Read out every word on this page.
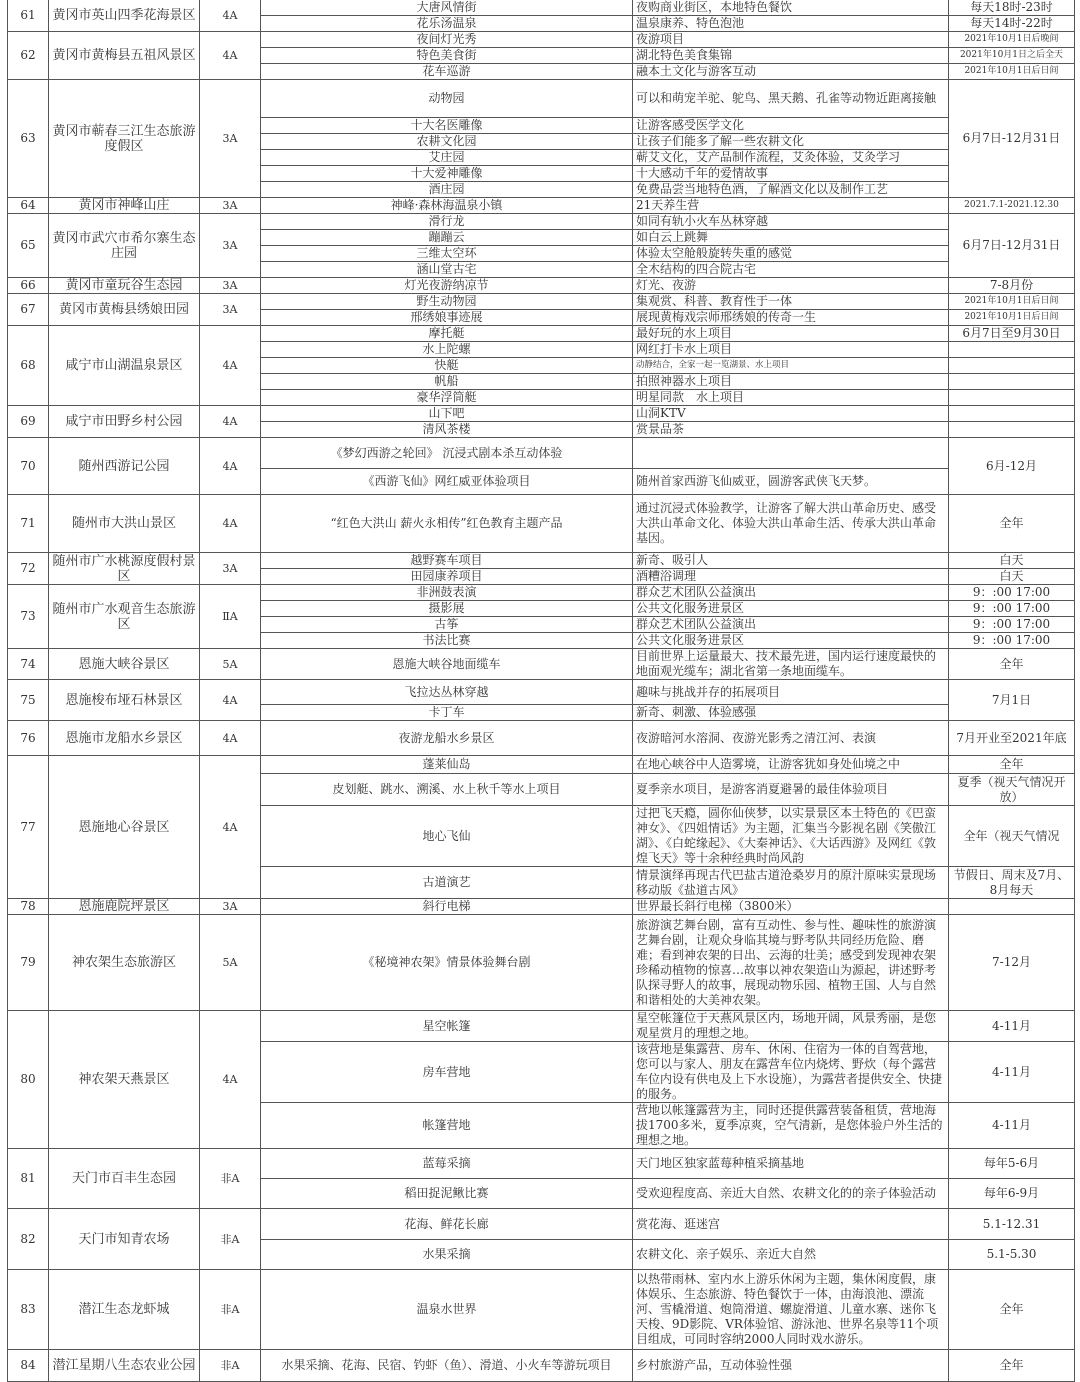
61	黄冈市英山四季花海景区	4A	大唐风情街	夜购商业街区，本地特色餐饮	每天18时-23时
			花乐汤温泉	温泉康养、特色泡池	每天14时-22时
62	黄冈市黄梅县五祖风景区	4A	夜间灯光秀	夜游项目	2021年10月1日后晚间
			特色美食街	湖北特色美食集锦	2021年10月1日之后全天
			花车巡游	融本土文化与游客互动	2021年10月1日后日间
63	黄冈市蕲春三江生态旅游度假区	3A	动物园	可以和萌宠羊驼、鸵鸟、黑天鹅、孔雀等动物近距离接触	6月7日-12月31日
			十大名医雕像	让游客感受医学文化	
			农耕文化园	让孩子们能多了解一些农耕文化	
			艾庄园	蕲艾文化，艾产品制作流程，艾灸体验，艾灸学习	
			十大爱神雕像	十大感动千年的爱情故事	
			酒庄园	免费品尝当地特色酒，了解酒文化以及制作工艺	
64	黄冈市神峰山庄	3A	神峰·森林海温泉小镇	21天养生营	2021.7.1-2021.12.30
65	黄冈市武穴市希尔寨生态庄园	3A	滑行龙	如同有轨小火车丛林穿越	6月7日-12月31日
			蹦蹦云	如白云上跳舞	
			三维太空环	体验太空舱般旋转失重的感觉	
			涵山堂古宅	全木结构的四合院古宅	
66	黄冈市童玩谷生态园	3A	灯光夜游纳凉节	灯光、夜游	7-8月份
67	黄冈市黄梅县绣娘田园	3A	野生动物园	集观赏、科普、教育性于一体	2021年10月1日后日间
			邢绣娘事迹展	展现黄梅戏宗师邢绣娘的传奇一生	2021年10月1日后日间
68	咸宁市山湖温泉景区	4A	摩托艇	最好玩的水上项目	6月7日至9月30日
			水上陀螺	网红打卡水上项目	
			快艇	动静结合，全家一起一览湖景、水上项目	
			帆船	拍照神器水上项目	
			豪华浮筒艇	明星同款　水上项目	
69	咸宁市田野乡村公园	4A	山下吧	山洞KTV	
			清风茶楼	赏景品茶	
70	随州西游记公园	4A	《梦幻西游之轮回》 沉浸式剧本杀互动体验		6月-12月
			《西游飞仙》网红威亚体验项目	随州首家西游飞仙威亚，圆游客武侠飞天梦。	
71	随州市大洪山景区	4A	“红色大洪山 薪火永相传”红色教育主题产品	通过沉浸式体验教学，让游客了解大洪山革命历史、感受大洪山革命文化、体验大洪山革命生活、传承大洪山革命基因。	全年
72	随州市广水桃源度假村景区	3A	越野赛车项目	新奇、吸引人	白天
			田园康养项目	酒糟浴调理	白天
73	随州市广水观音生态旅游区	ⅡA	非洲鼓表演	群众艺术团队公益演出	9：:00 17:00
			摄影展	公共文化服务进景区	9：:00 17:00
			古筝	群众艺术团队公益演出	9：:00 17:00
			书法比赛	公共文化服务进景区	9：:00 17:00
74	恩施大峡谷景区	5A	恩施大峡谷地面缆车	目前世界上运量最大、技术最先进，国内运行速度最快的地面观光缆车；湖北省第一条地面缆车。	全年
75	恩施梭布垭石林景区	4A	飞拉达丛林穿越	趣味与挑战并存的拓展项目	7月1日
			卡丁车	新奇、刺激、体验感强	
76	恩施市龙船水乡景区	4A	夜游龙船水乡景区	夜游暗河水溶洞、夜游光影秀之清江河、表演	7月开业至2021年底
77	恩施地心谷景区	4A	蓬莱仙岛	在地心峡谷中人造雾境，让游客犹如身处仙境之中	全年
			皮划艇、跳水、溯溪、水上秋千等水上项目	夏季亲水项目，是游客消夏避暑的最佳体验项目	夏季（视天气情况开放）
			地心飞仙	过把飞天瘾，圆你仙侠梦，以实景景区本土特色的《巴蛮神女》、《四姐情话》为主题，汇集当今影视名剧《笑傲江湖》、《白蛇缘起》、《大秦神话》、《大话西游》及网红《敦煌飞天》等十余种经典时尚风韵	全年（视天气情况
			古道演艺	情景演绎再现古代巴盐古道沧桑岁月的原汁原味实景现场移动版《盐道古风》	节假日、周末及7月、8月每天
78	恩施鹿院坪景区	3A	斜行电梯	世界最长斜行电梯（3800米）	
79	神农架生态旅游区	5A	《秘境神农架》情景体验舞台剧	旅游演艺舞台剧，富有互动性、参与性、趣味性的旅游演艺舞台剧，让观众身临其境与野考队共同经历危险、磨难；看到神农架的日出、云海的壮美；感受到发现神农架珍稀动植物的惊喜…故事以神农架造山为源起，讲述野考队探寻野人的故事，展现动物乐园、植物王国、人与自然和谐相处的大美神农架。	7-12月
80	神农架天燕景区	4A	星空帐篷	星空帐篷位于天燕风景区内，场地开阔，风景秀丽，是您观星赏月的理想之地。	4-11月
			房车营地	该营地是集露营、房车、休闲、住宿为一体的自驾营地，您可以与家人、朋友在露营车位内烧烤、野炊（每个露营车位内设有供电及上下水设施），为露营者提供安全、快捷的服务。	4-11月
			帐篷营地	营地以帐篷露营为主，同时还提供露营装备租赁，营地海拔1700多米，夏季凉爽，空气清新，是您体验户外生活的理想之地。	4-11月
81	天门市百丰生态园	非A	蓝莓采摘	天门地区独家蓝莓种植采摘基地	每年5-6月
			稻田捉泥鳅比赛	受欢迎程度高、亲近大自然、农耕文化的的亲子体验活动	每年6-9月
82	天门市知青农场	非A	花海、鲜花长廊	赏花海、逛迷宫	5.1-12.31
			水果采摘	农耕文化、亲子娱乐、亲近大自然	5.1-5.30
83	潜江生态龙虾城	非A	温泉水世界	以热带雨林、室内水上游乐休闲为主题，集休闲度假，康体娱乐、生态旅游、特色餐饮于一体，由海浪池、漂流河、雪橇滑道、炮筒滑道、螺旋滑道、儿童水寨、迷你飞天梭、9D影院、VR体验馆、游泳池、世界名泉等11个项目组成，可同时容纳2000人同时戏水游乐。	全年
84	潜江星期八生态农业公园	非A	水果采摘、花海、民宿、钓虾（鱼）、滑道、小火车等游玩项目	乡村旅游产品，互动体验性强	全年
